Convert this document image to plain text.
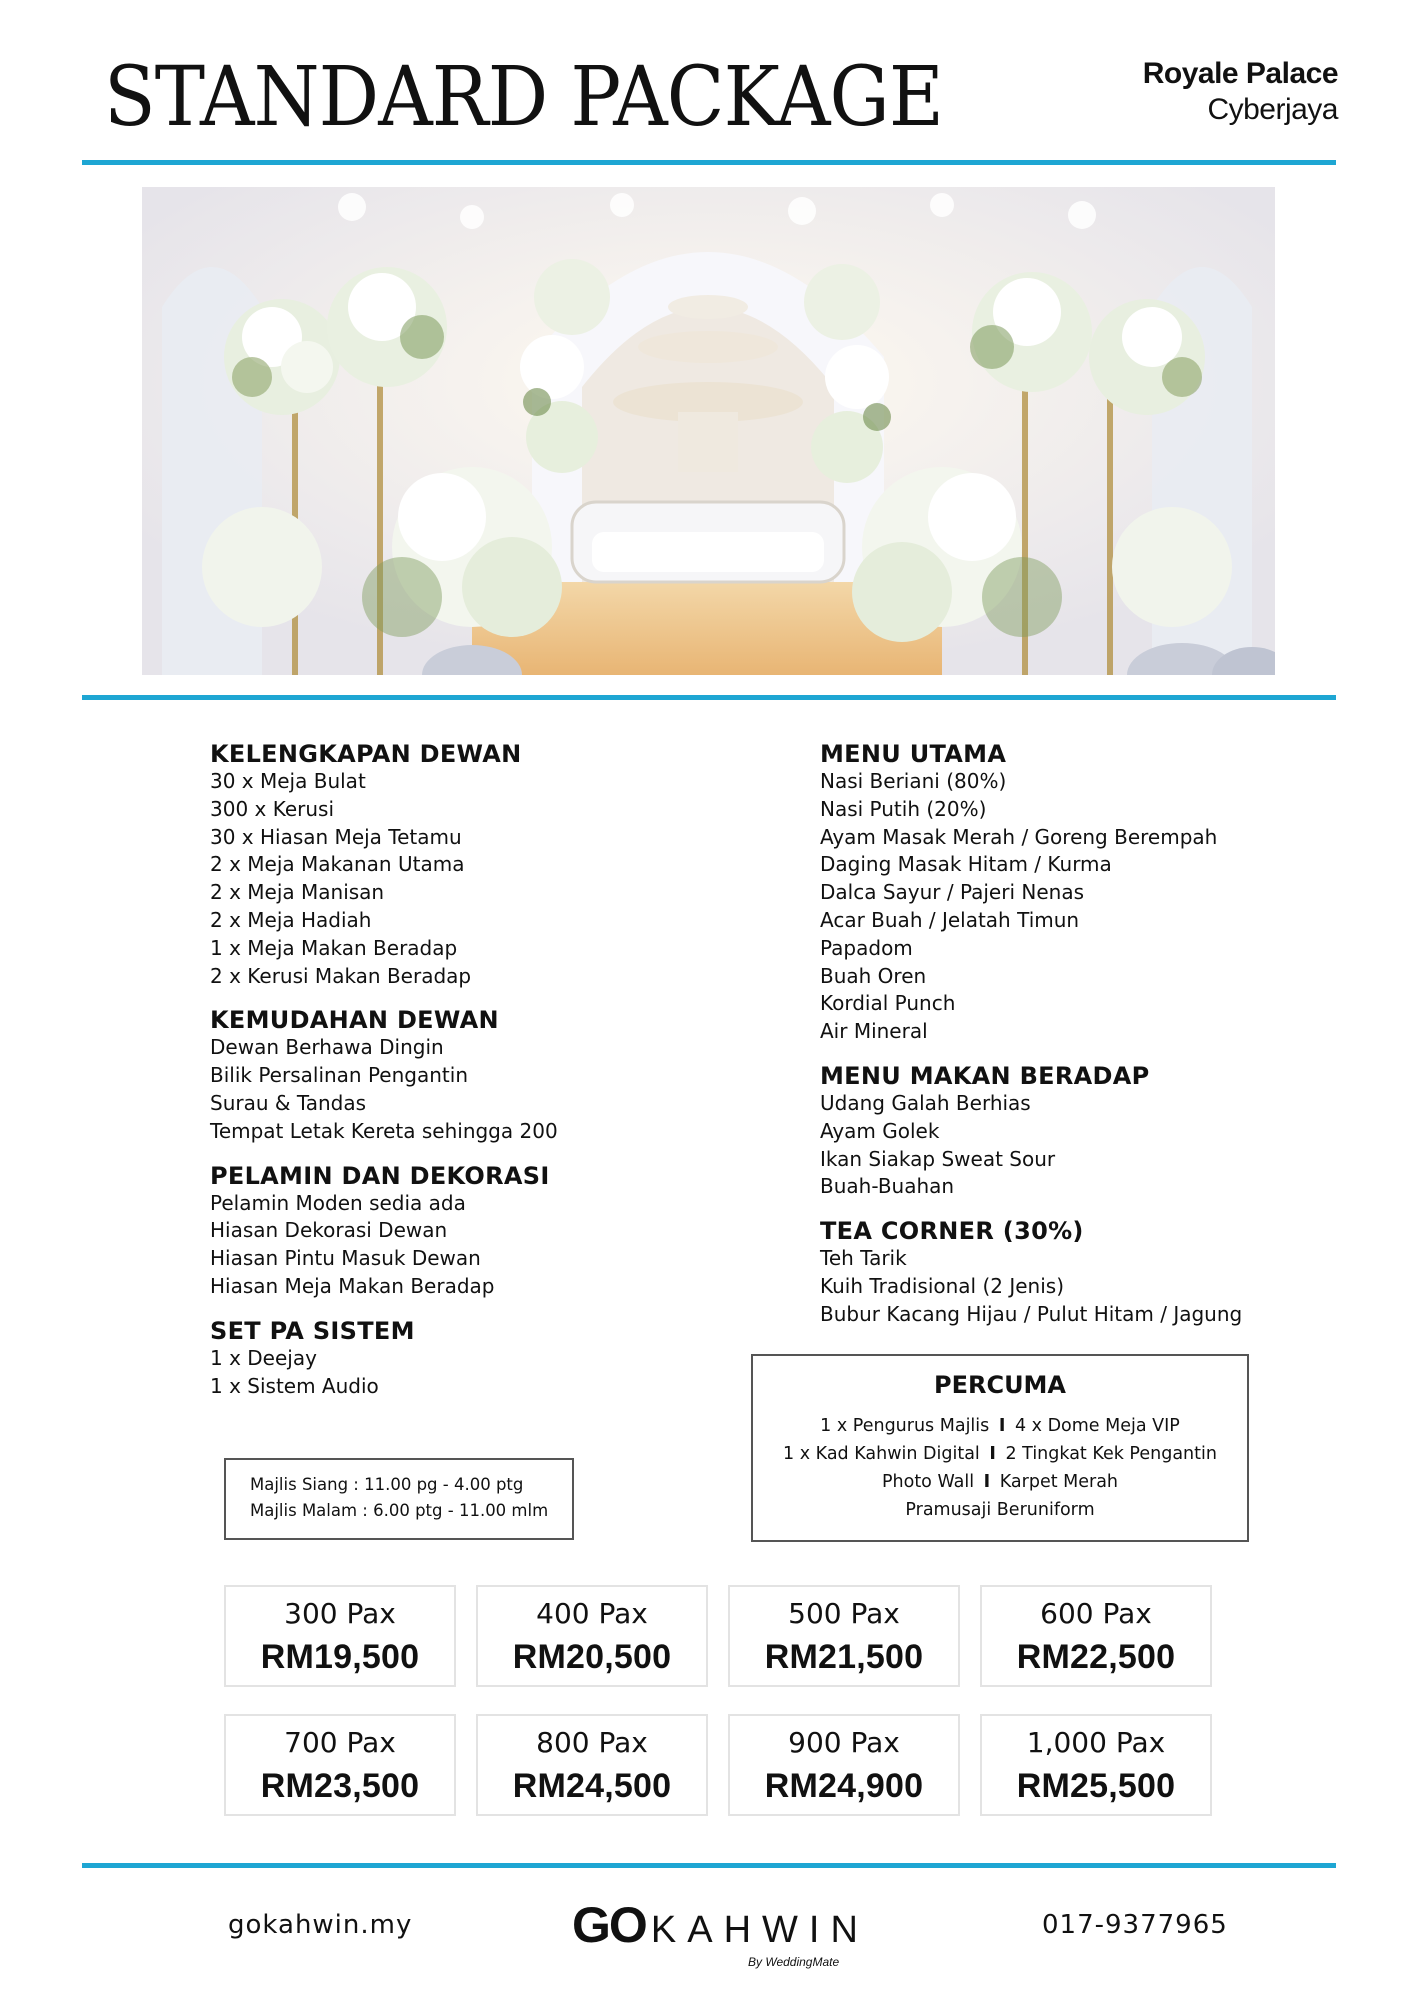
STANDARD PACKAGE	Royale Palace
Cyberjaya
KELENGKAPAN DEWAN
30 x Meja Bulat
300 x Kerusi
30 x Hiasan Meja Tetamu
2 x Meja Makanan Utama
2 x Meja Manisan
2 x Meja Hadiah
1 x Meja Makan Beradap
2 x Kerusi Makan Beradap
KEMUDAHAN DEWAN
Dewan Berhawa Dingin
Bilik Persalinan Pengantin
Surau & Tandas
Tempat Letak Kereta sehingga 200
PELAMIN DAN DEKORASI
Pelamin Moden sedia ada
Hiasan Dekorasi Dewan
Hiasan Pintu Masuk Dewan
Hiasan Meja Makan Beradap
SET PA SISTEM
1 x Deejay
1 x Sistem Audio
MENU UTAMA
Nasi Beriani (80%)
Nasi Putih (20%)
Ayam Masak Merah / Goreng Berempah
Daging Masak Hitam / Kurma
Dalca Sayur / Pajeri Nenas
Acar Buah / Jelatah Timun
Papadom
Buah Oren
Kordial Punch
Air Mineral
MENU MAKAN BERADAP
Udang Galah Berhias
Ayam Golek
Ikan Siakap Sweat Sour
Buah-Buahan
TEA CORNER (30%)
Teh Tarik
Kuih Tradisional (2 Jenis)
Bubur Kacang Hijau / Pulut Hitam / Jagung
Majlis Siang : 11.00 pg - 4.00 ptg
Majlis Malam : 6.00 ptg - 11.00 mlm
PERCUMA
1 x Pengurus Majlis I 4 x Dome Meja VIP
1 x Kad Kahwin Digital I 2 Tingkat Kek Pengantin
Photo Wall I Karpet Merah
Pramusaji Beruniform
300 Pax
RM19,500
400 Pax
RM20,500
500 Pax
RM21,500
600 Pax
RM22,500
700 Pax
RM23,500
800 Pax
RM24,500
900 Pax
RM24,900
1,000 Pax
RM25,500
gokahwin.my	GO KAHWIN
By WeddingMate
017-9377965
